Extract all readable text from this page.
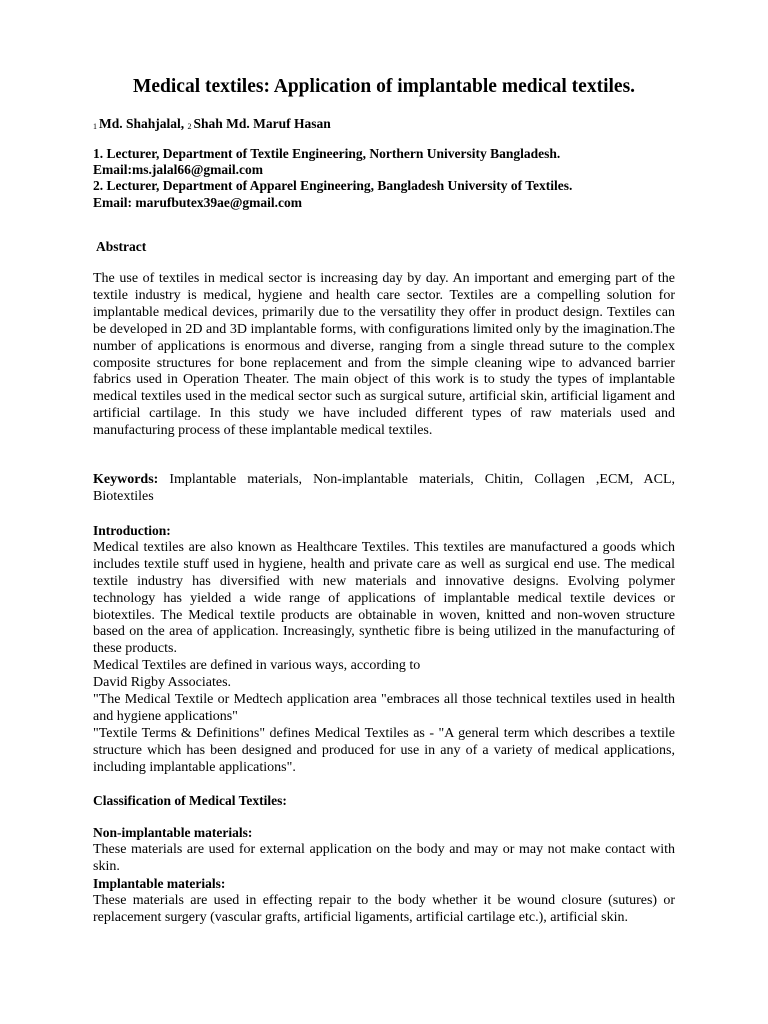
Medical textiles: Application of implantable medical textiles.
$^1$ Md. Shahjalal, $^2$ Shah Md. Maruf Hasan
1. Lecturer, Department of Textile Engineering, Northern University Bangladesh.
Email:ms.jalal66@gmail.com
2. Lecturer, Department of Apparel Engineering, Bangladesh University of Textiles.
Email: marufbutex39ae@gmail.com
Abstract

The use of textiles in medical sector is increasing day by day. An important and emerging part of the textile industry is medical, hygiene and health care sector. Textiles are a compelling solution for implantable medical devices, primarily due to the versatility they offer in product design. Textiles can be developed in 2D and 3D implantable forms, with configurations limited only by the imagination.The number of applications is enormous and diverse, ranging from a single thread suture to the complex composite structures for bone replacement and from the simple cleaning wipe to advanced barrier fabrics used in Operation Theater. The main object of this work is to study the types of implantable medical textiles used in the medical sector such as surgical suture, artificial skin, artificial ligament and artificial cartilage. In this study we have included different types of raw materials used and manufacturing process of these implantable medical textiles.

Keywords: Implantable materials, Non-implantable materials, Chitin, Collagen ,ECM, ACL, Biotextiles

Introduction:

Medical textiles are also known as Healthcare Textiles. This textiles are manufactured a goods which includes textile stuff used in hygiene, health and private care as well as surgical end use. The medical textile industry has diversified with new materials and innovative designs. Evolving polymer technology has yielded a wide range of applications of implantable medical textile devices or biotextiles. The Medical textile products are obtainable in woven, knitted and non-woven structure based on the area of application. Increasingly, synthetic fibre is being utilized in the manufacturing of these products.

Medical Textiles are defined in various ways, according to

David Rigby Associates.

"The Medical Textile or Medtech application area "embraces all those technical textiles used in health and hygiene applications"

"Textile Terms & Definitions" defines Medical Textiles as - "A general term which describes a textile structure which has been designed and produced for use in any of a variety of medical applications, including implantable applications".

Classification of Medical Textiles:
Non-implantable materials:

These materials are used for external application on the body and may or may not make contact with skin.

Implantable materials:

These materials are used in effecting repair to the body whether it be wound closure (sutures) or replacement surgery (vascular grafts, artificial ligaments, artificial cartilage etc.), artificial skin.
